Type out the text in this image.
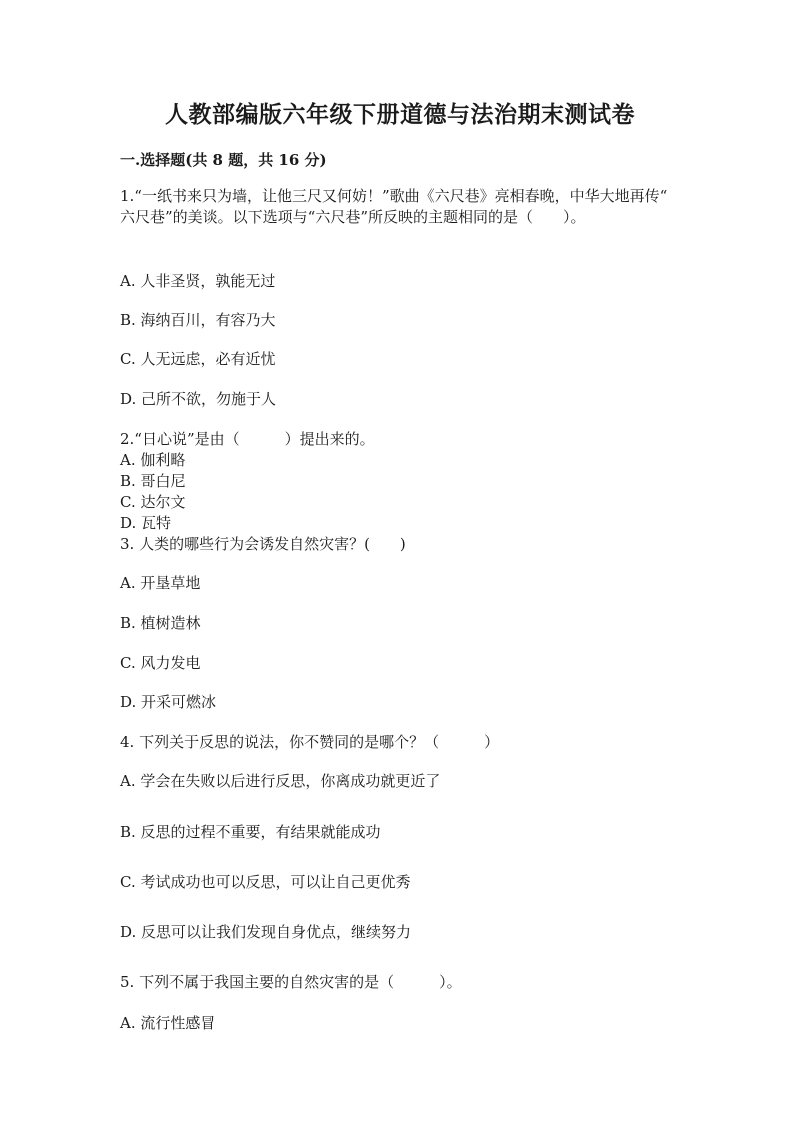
人教部编版六年级下册道德与法治期末测试卷
一.选择题(共 8 题，共 16 分)
1.“一纸书来只为墙，让他三尺又何妨！”歌曲《六尺巷》亮相春晚，中华大地再传“ 六尺巷”的美谈。以下选项与“六尺巷”所反映的主题相同的是（　　）。
A. 人非圣贤，孰能无过
B. 海纳百川，有容乃大
C. 人无远虑，必有近忧
D. 己所不欲，勿施于人
2.“日心说”是由（　　　）提出来的。
A. 伽利略
B. 哥白尼
C. 达尔文
D. 瓦特
3. 人类的哪些行为会诱发自然灾害？(　　)
A. 开垦草地
B. 植树造林
C. 风力发电
D. 开采可燃冰
4. 下列关于反思的说法，你不赞同的是哪个？（　　　）
A. 学会在失败以后进行反思，你离成功就更近了
B. 反思的过程不重要，有结果就能成功
C. 考试成功也可以反思，可以让自己更优秀
D. 反思可以让我们发现自身优点，继续努力
5. 下列不属于我国主要的自然灾害的是（　　　）。
A. 流行性感冒
